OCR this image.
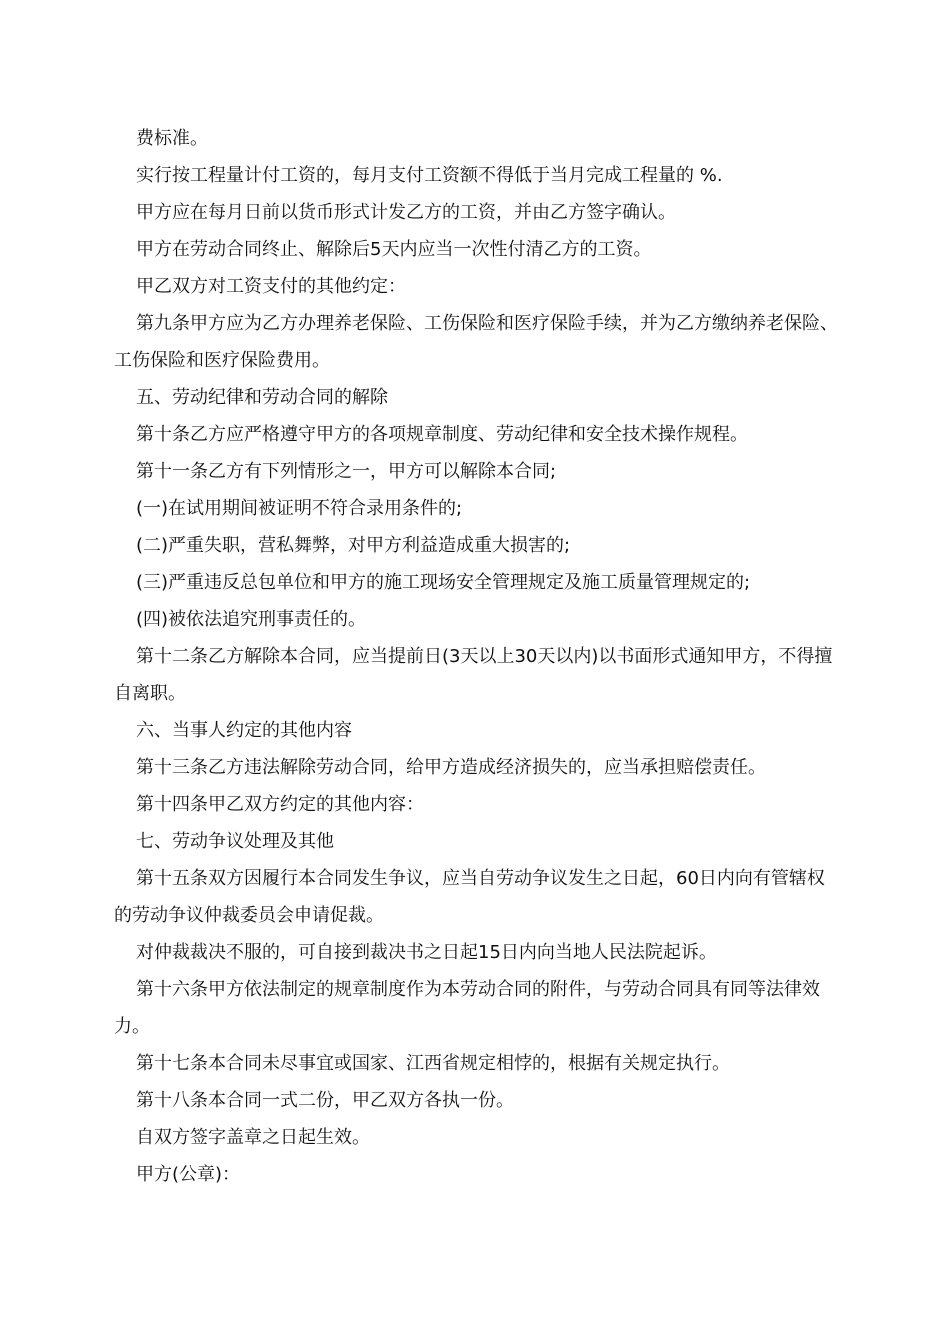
费标准。

实行按工程量计付工资的，每月支付工资额不得低于当月完成工程量的 %.

甲方应在每月日前以货币形式计发乙方的工资，并由乙方签字确认。

甲方在劳动合同终止、解除后5天内应当一次性付清乙方的工资。

甲乙双方对工资支付的其他约定：

第九条甲方应为乙方办理养老保险、工伤保险和医疗保险手续，并为乙方缴纳养老保险、工伤保险和医疗保险费用。

五、劳动纪律和劳动合同的解除

第十条乙方应严格遵守甲方的各项规章制度、劳动纪律和安全技术操作规程。

第十一条乙方有下列情形之一，甲方可以解除本合同;

(一)在试用期间被证明不符合录用条件的;

(二)严重失职，营私舞弊，对甲方利益造成重大损害的;

(三)严重违反总包单位和甲方的施工现场安全管理规定及施工质量管理规定的;

(四)被依法追究刑事责任的。

第十二条乙方解除本合同，应当提前日(3天以上30天以内)以书面形式通知甲方，不得擅自离职。

六、当事人约定的其他内容

第十三条乙方违法解除劳动合同，给甲方造成经济损失的，应当承担赔偿责任。

第十四条甲乙双方约定的其他内容：

七、劳动争议处理及其他

第十五条双方因履行本合同发生争议，应当自劳动争议发生之日起，60日内向有管辖权的劳动争议仲裁委员会申请促裁。

对仲裁裁决不服的，可自接到裁决书之日起15日内向当地人民法院起诉。

第十六条甲方依法制定的规章制度作为本劳动合同的附件，与劳动合同具有同等法律效力。

第十七条本合同未尽事宜或国家、江西省规定相悖的，根据有关规定执行。

第十八条本合同一式二份，甲乙双方各执一份。

自双方签字盖章之日起生效。

甲方(公章)：
